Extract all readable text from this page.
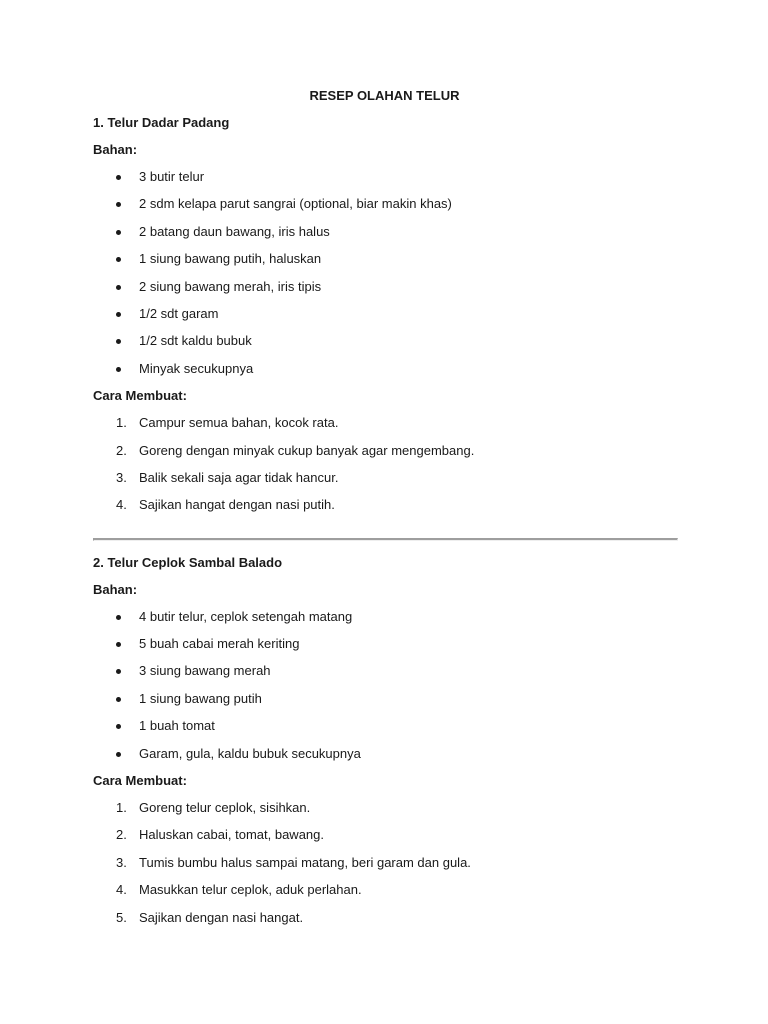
RESEP OLAHAN TELUR
1. Telur Dadar Padang
Bahan:
3 butir telur
2 sdm kelapa parut sangrai (optional, biar makin khas)
2 batang daun bawang, iris halus
1 siung bawang putih, haluskan
2 siung bawang merah, iris tipis
1/2 sdt garam
1/2 sdt kaldu bubuk
Minyak secukupnya
Cara Membuat:
1. Campur semua bahan, kocok rata.
2. Goreng dengan minyak cukup banyak agar mengembang.
3. Balik sekali saja agar tidak hancur.
4. Sajikan hangat dengan nasi putih.
2. Telur Ceplok Sambal Balado
Bahan:
4 butir telur, ceplok setengah matang
5 buah cabai merah keriting
3 siung bawang merah
1 siung bawang putih
1 buah tomat
Garam, gula, kaldu bubuk secukupnya
Cara Membuat:
1. Goreng telur ceplok, sisihkan.
2. Haluskan cabai, tomat, bawang.
3. Tumis bumbu halus sampai matang, beri garam dan gula.
4. Masukkan telur ceplok, aduk perlahan.
5. Sajikan dengan nasi hangat.
